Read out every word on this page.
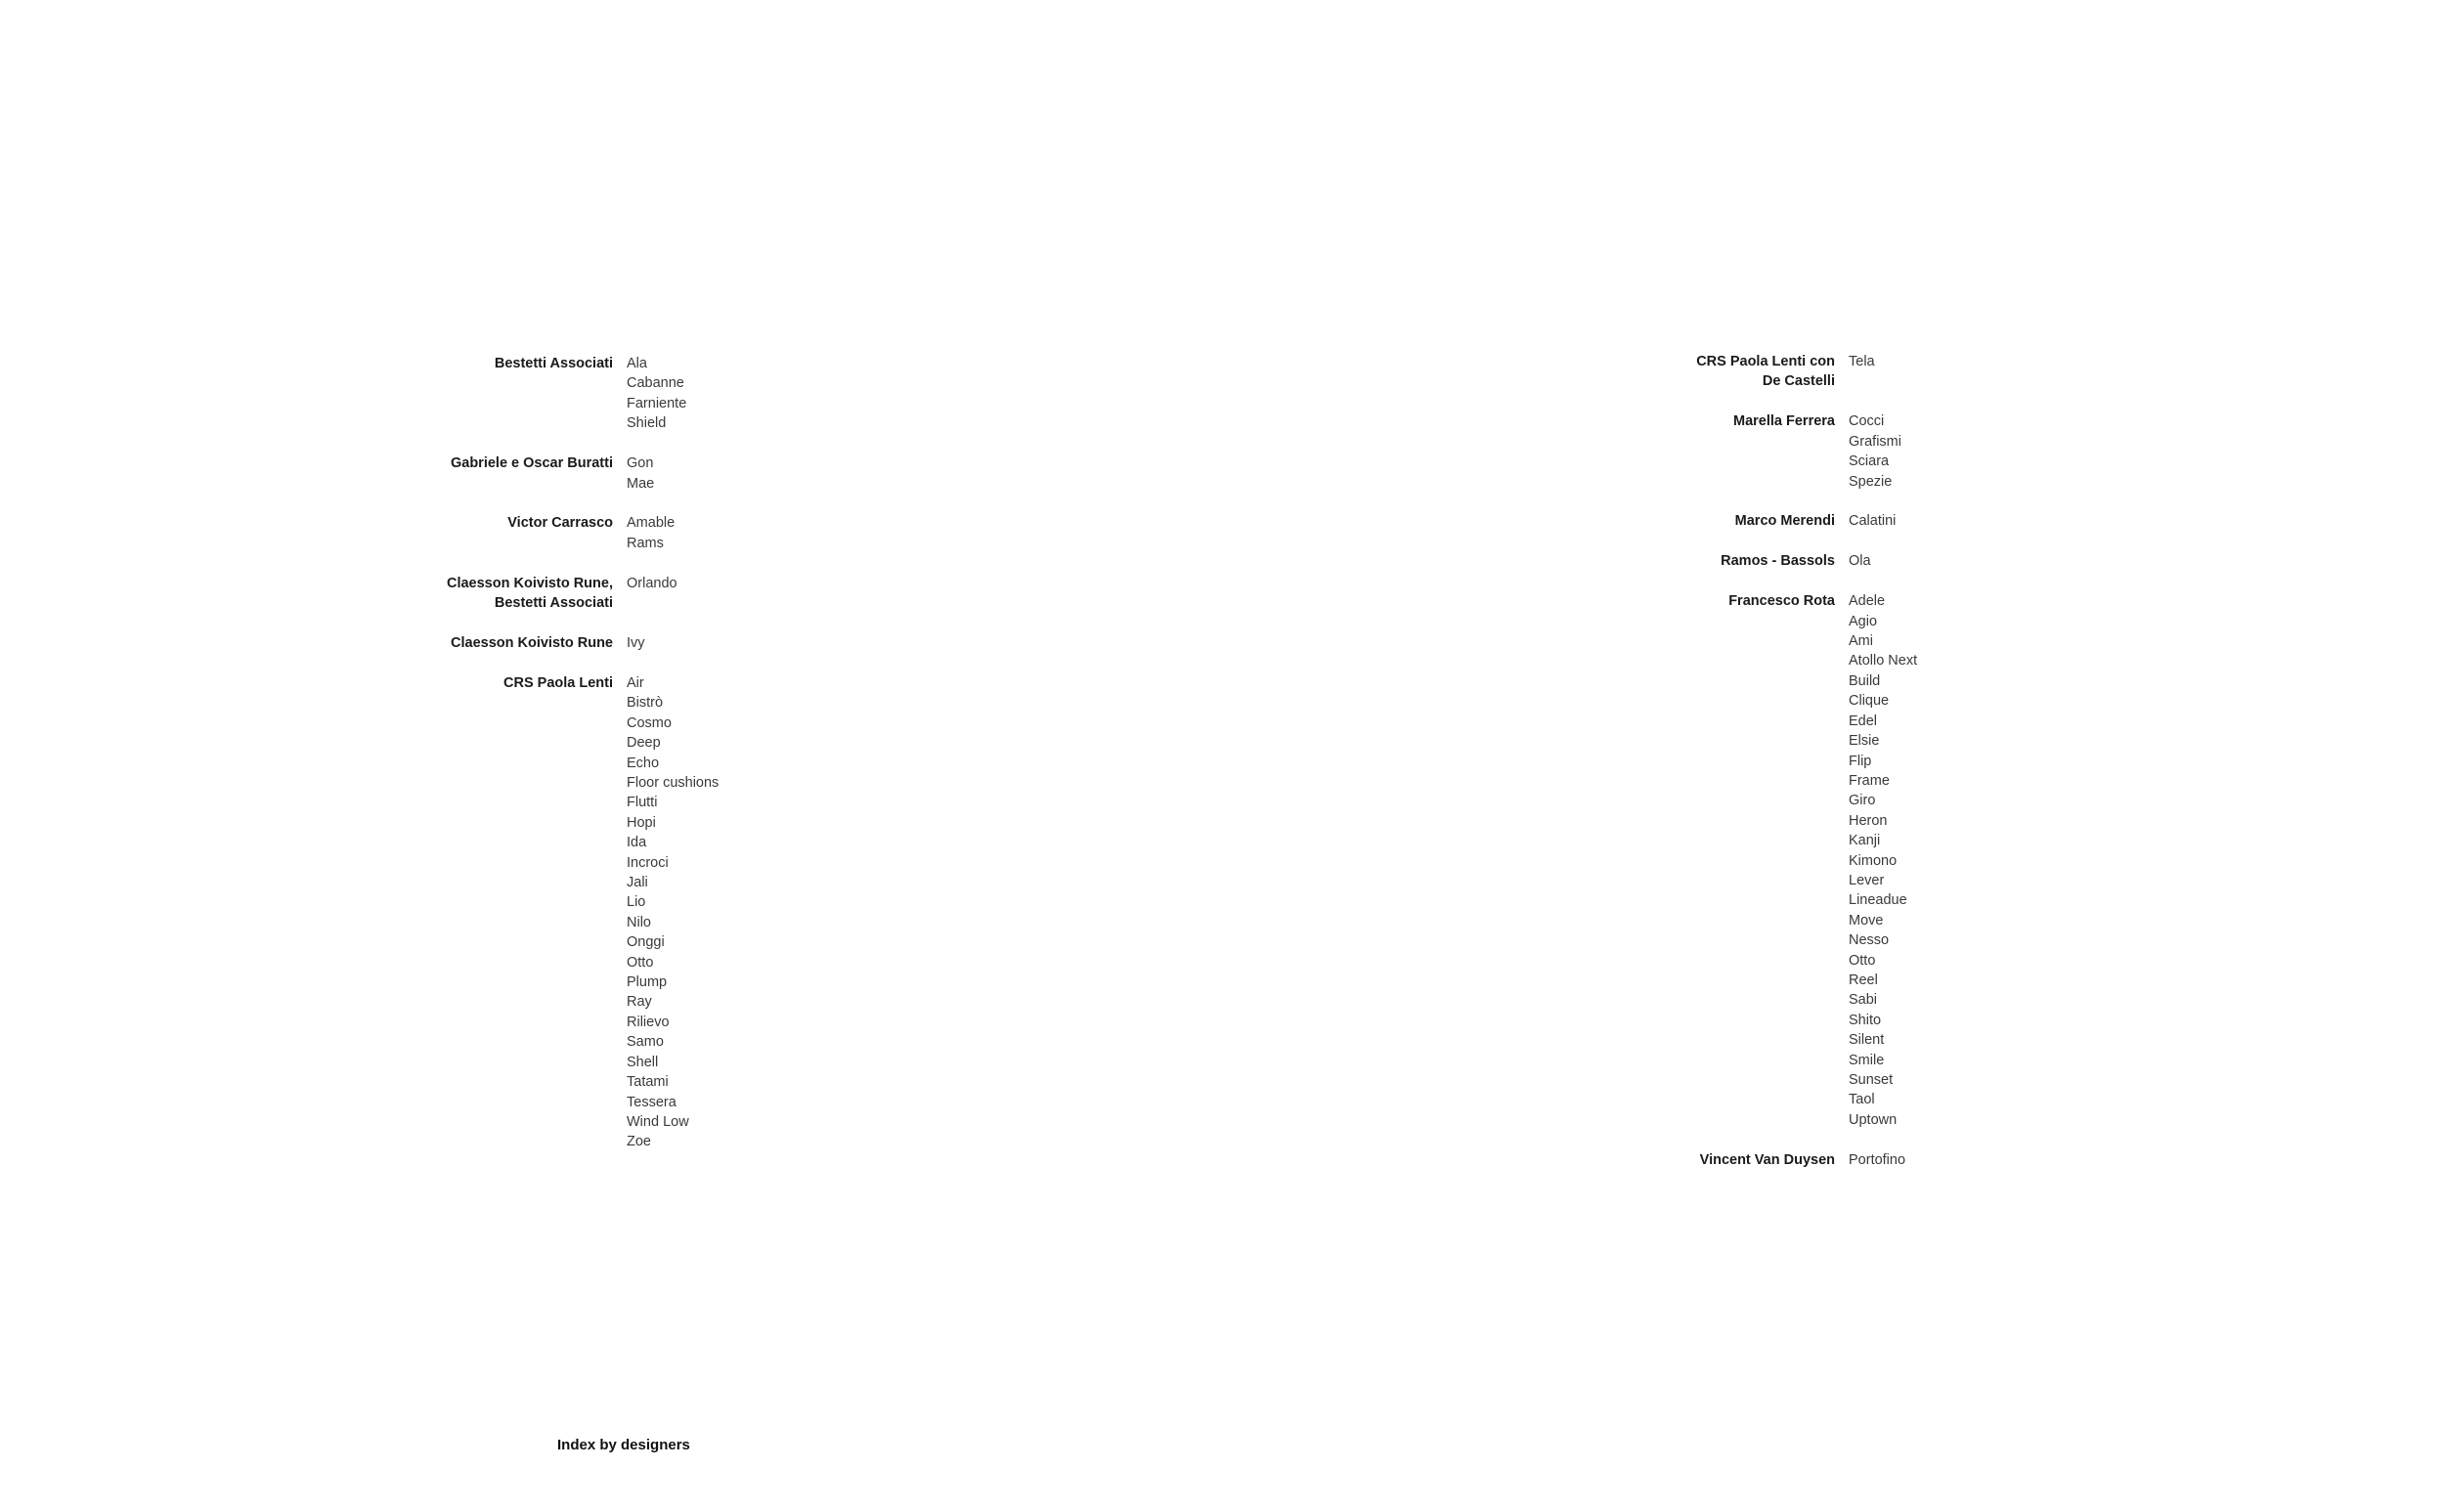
Bestetti Associati Ala
Cabanne
Farniente
Shield
Gabriele e Oscar Buratti Gon
Mae
Victor Carrasco Amable
Rams
Claesson Koivisto Rune,
Bestetti Associati
Orlando
Claesson Koivisto Rune Ivy
CRS Paola Lenti Air
Bistrò
Cosmo
Deep
Echo
Floor cushions
Flutti
Hopi
Ida
Incroci
Jali
Lio
Nilo
Onggi
Otto
Plump
Ray
Rilievo
Samo
Shell
Tatami
Tessera
Wind Low
Zoe
CRS Paola Lenti con
De Castelli
Tela
Marella Ferrera Cocci
Grafismi
Sciara
Spezie
Marco Merendi Calatini
Ramos - Bassols Ola
Francesco Rota Adele
Agio
Ami
Atollo Next
Build
Clique
Edel
Elsie
Flip
Frame
Giro
Heron
Kanji
Kimono
Lever
Lineadue
Move
Nesso
Otto
Reel
Sabi
Shito
Silent
Smile
Sunset
Taol
Uptown
Vincent Van Duysen Portofino
Index by designers
